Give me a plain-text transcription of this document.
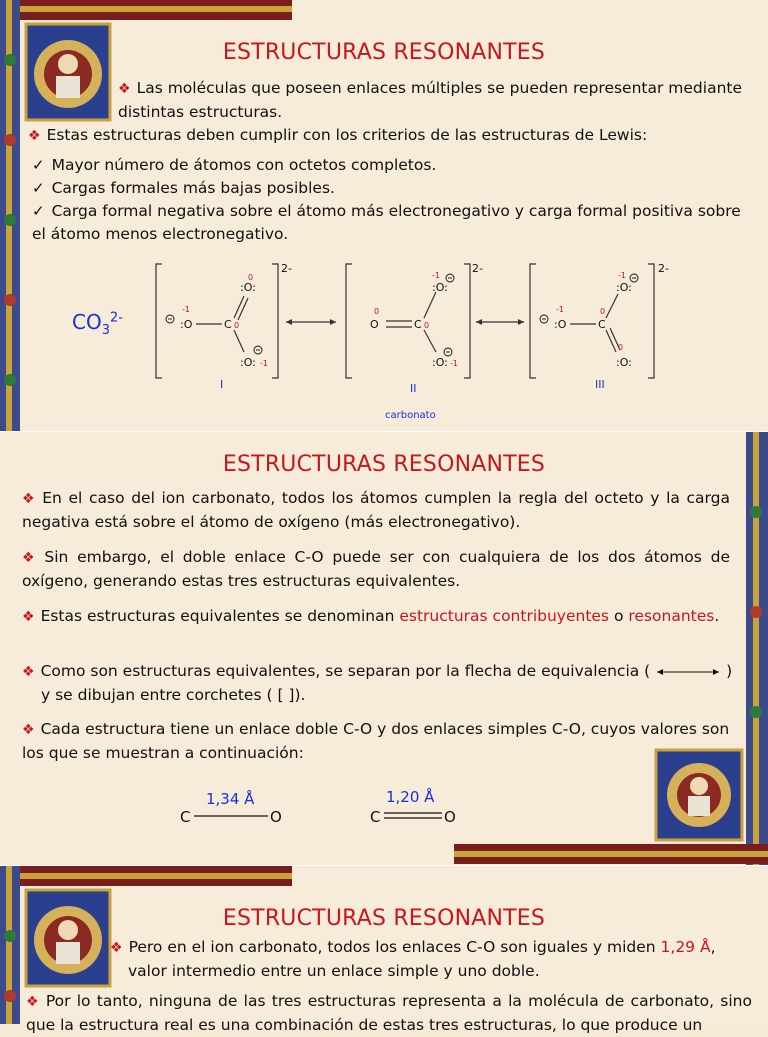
ESTRUCTURAS RESONANTES
❖ Las moléculas que poseen enlaces múltiples se pueden representar mediante distintas estructuras.
❖ Estas estructuras deben cumplir con los criterios de las estructuras de Lewis:
✓ Mayor número de átomos con octetos completos.
✓ Cargas formales más bajas posibles.
✓ Carga formal negativa sobre el átomo más electronegativo y carga formal positiva sobre el átomo menos electronegativo.
$CO_3^{2-}$
:O:
:O	C
:O:
O	C
:O:
:O:
:O	C
:O:
:O:
0
-1
0
-1
0
0
-1
-1
-1	0
-1
0
2-	2-	2-
I	II	III
carbonato
ESTRUCTURAS RESONANTES
❖ En el caso del ion carbonato, todos los átomos cumplen la regla del octeto y la carga negativa está sobre el átomo de oxígeno (más electronegativo).
❖ Sin embargo, el doble enlace C-O puede ser con cualquiera de los dos átomos de oxígeno, generando estas tres estructuras equivalentes.
❖ Estas estructuras equivalentes se denominan estructuras contribuyentes o resonantes.
❖ Como son estructuras equivalentes, se separan por la flecha de equivalencia (	)
y se dibujan entre corchetes ( [ ]).
❖ Cada estructura tiene un enlace doble C-O y dos enlaces simples C-O, cuyos valores son los que se muestran a continuación:
C	O	C	O
1,34 Å	1,20 Å
ESTRUCTURAS RESONANTES
❖ Pero en el ion carbonato, todos los enlaces C-O son iguales y miden 1,29 Å,
valor intermedio entre un enlace simple y uno doble.
❖ Por lo tanto, ninguna de las tres estructuras representa a la molécula de carbonato, sino que la estructura real es una combinación de estas tres estructuras, lo que produce un
